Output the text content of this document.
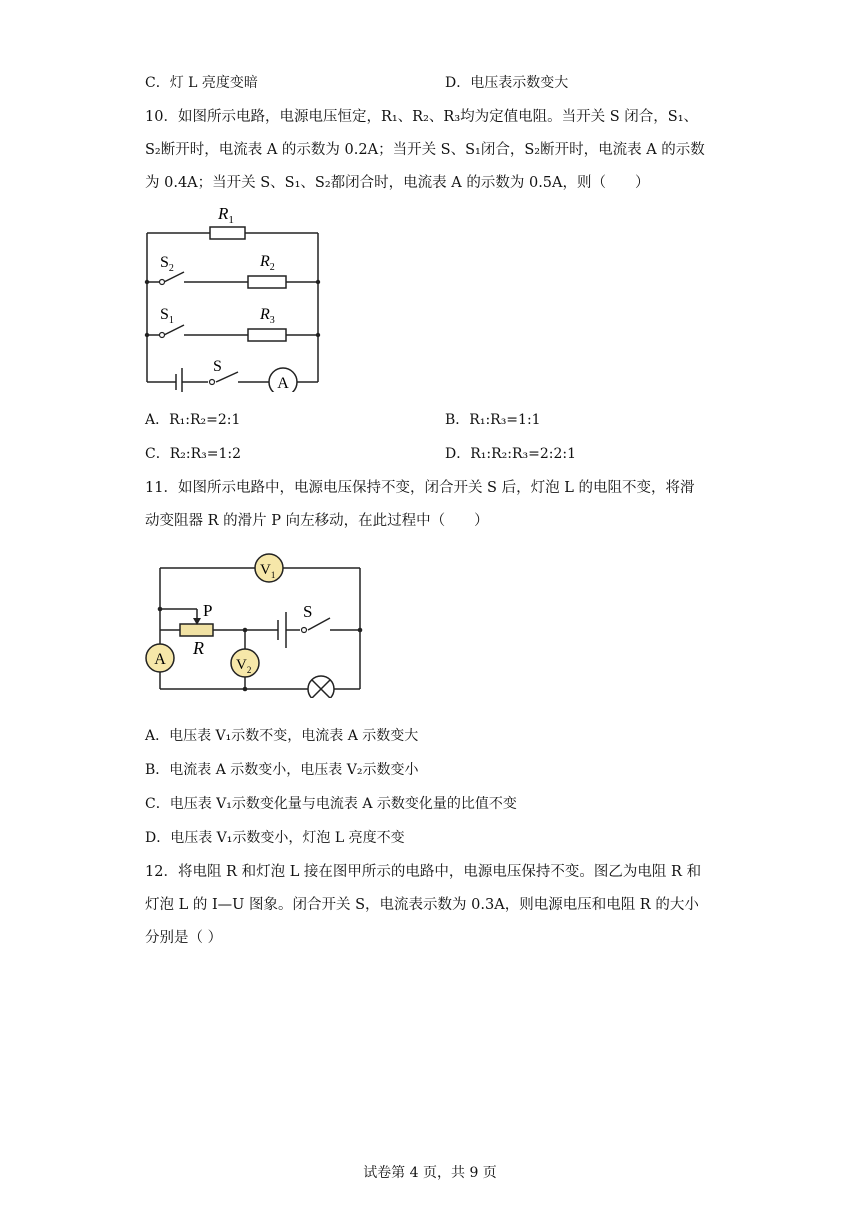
C．灯 L 亮度变暗	D．电压表示数变大
10．如图所示电路，电源电压恒定，R₁、R₂、R₃均为定值电阻。当开关 S 闭合，S₁、
S₂断开时，电流表 A 的示数为 0.2A；当开关 S、S₁闭合，S₂断开时，电流表 A 的示数
为 0.4A；当开关 S、S₁、S₂都闭合时，电流表 A 的示数为 0.5A，则（　　）
$R_1$
$R_2$
$R_3$
$S_2$
$S_1$
S
A
A．R₁:R₂=2:1	B．R₁:R₃=1:1
C．R₂:R₃=1:2	D．R₁:R₂:R₃=2:2:1
11．如图所示电路中，电源电压保持不变，闭合开关 S 后，灯泡 L 的电阻不变，将滑
动变阻器 R 的滑片 P 向左移动，在此过程中（　　）
$V_1$
$V_2$
A
P
R
S
A．电压表 V₁示数不变，电流表 A 示数变大
B．电流表 A 示数变小，电压表 V₂示数变小
C．电压表 V₁示数变化量与电流表 A 示数变化量的比值不变
D．电压表 V₁示数变小，灯泡 L 亮度不变
12．将电阻 R 和灯泡 L 接在图甲所示的电路中，电源电压保持不变。图乙为电阻 R 和
灯泡 L 的 I—U 图象。闭合开关 S，电流表示数为 0.3A，则电源电压和电阻 R 的大小
分别是（ ）
试卷第 4 页，共 9 页
